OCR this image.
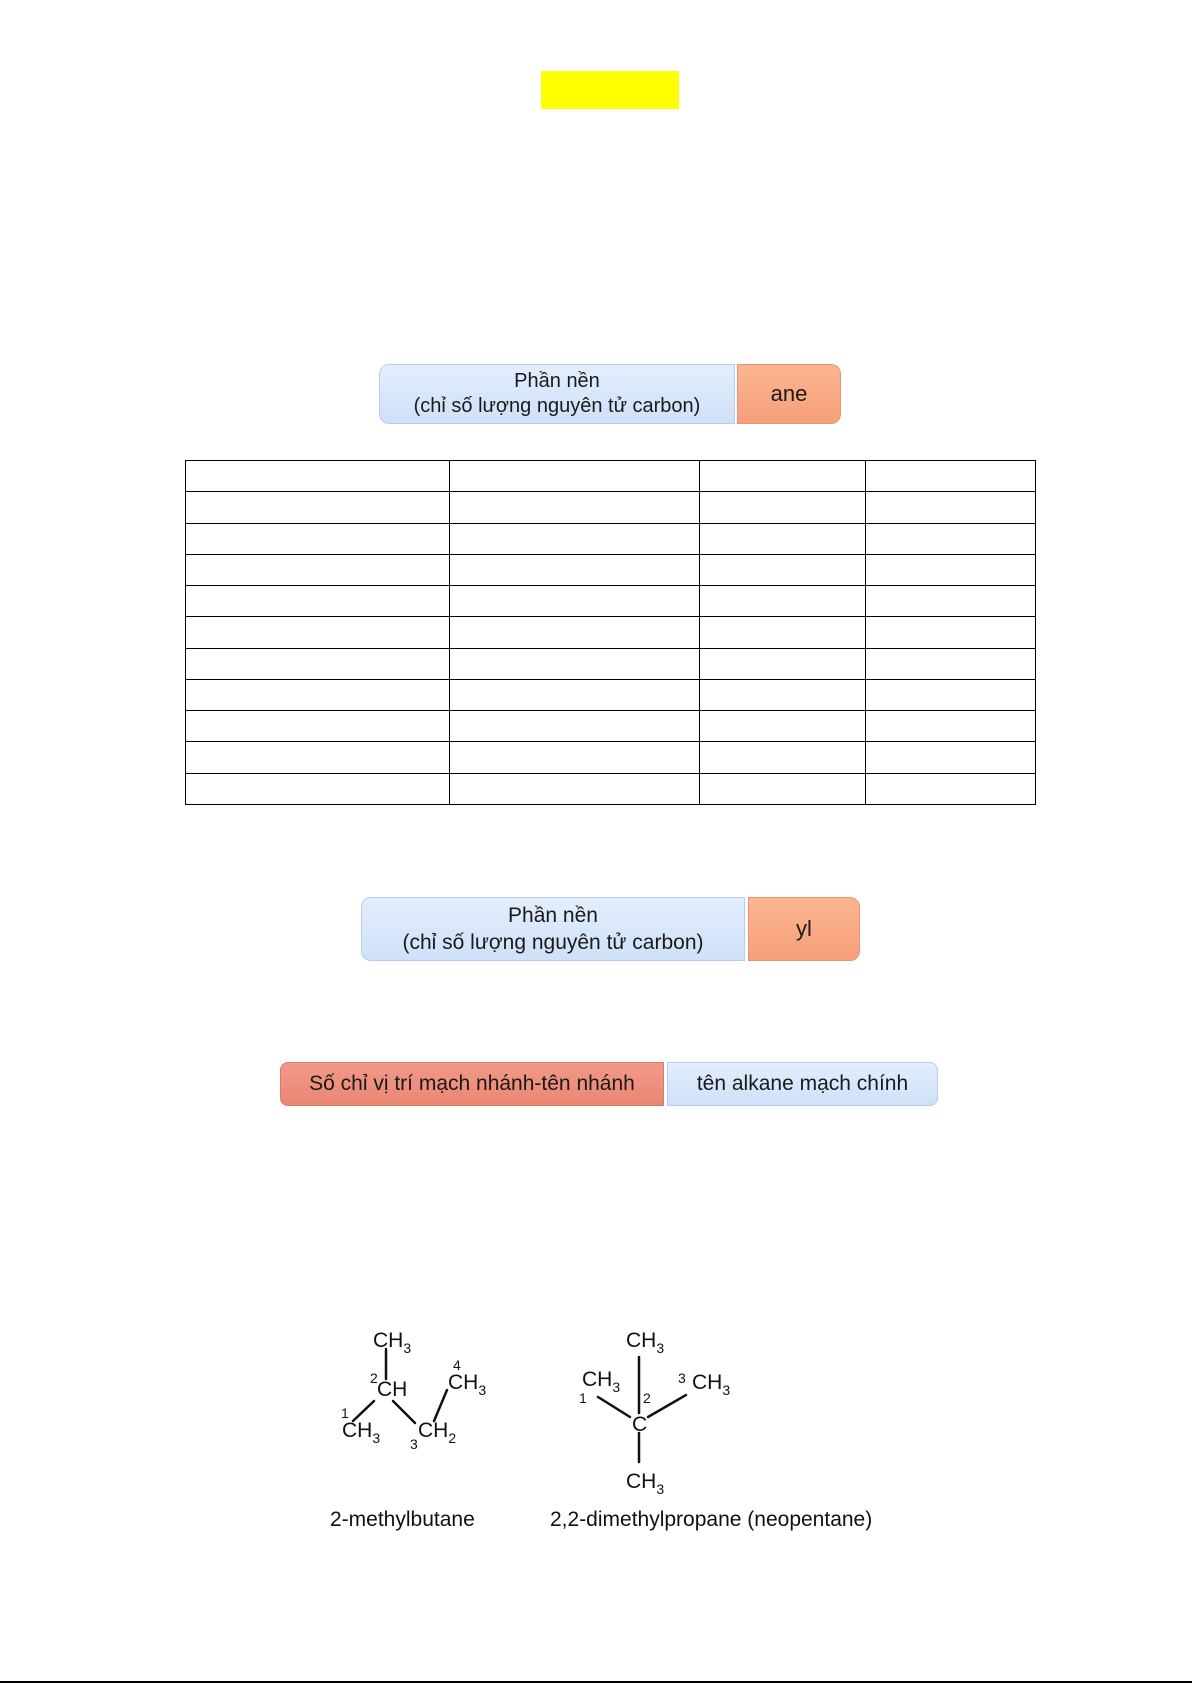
Phần nền
(chỉ số lượng nguyên tử carbon)	ane

Phần nền
(chỉ số lượng nguyên tử carbon)
yl
Số chỉ vị trí mạch nhánh-tên nhánh	tên alkane mạch chính
$CH_3$
CH $CH_3$
$CH_3$ $CH_2$
1
2
3
4
$CH_3$
$CH_3$	$CH_3$
C
$CH_3$
1	2
3
2-methylbutane	2,2-dimethylpropane (neopentane)
